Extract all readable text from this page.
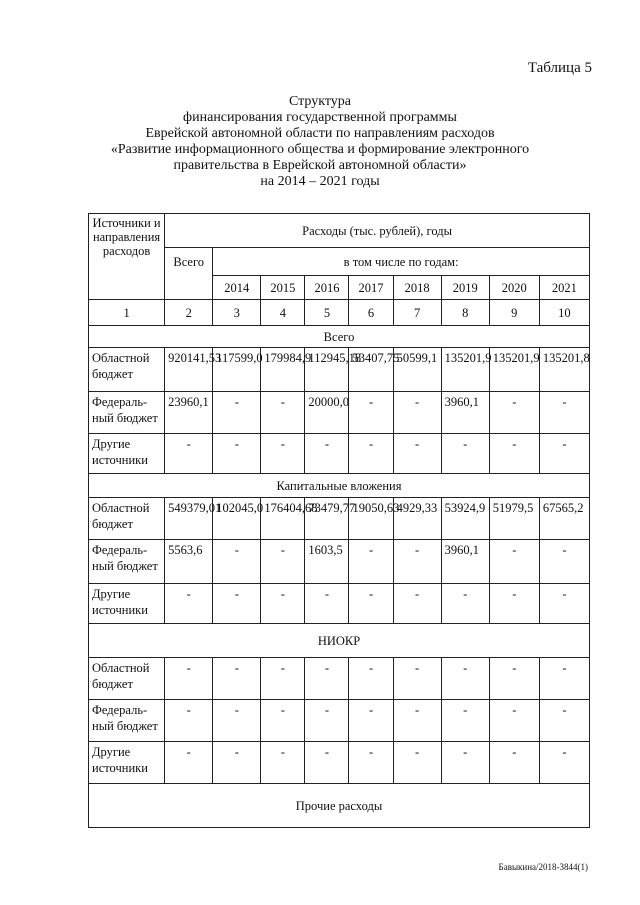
Таблица 5
Структура
финансирования государственной программы
Еврейской автономной области по направлениям расходов
«Развитие информационного общества и формирование электронного
правительства в Еврейской автономной области»
на 2014 – 2021 годы
Источники и направления расходов	Расходы (тыс. рублей), годы								
	Всего	в том числе по годам:							
		2014	2015	2016	2017	2018	2019	2020	2021
1	2	3	4	5	6	7	8	9	10
Всего									
Областной бюджет	920141,53	117599,0	179984,9	112945,18	53407,75	50599,1	135201,9	135201,9	135201,8
Федераль-ный бюджет	23960,1	-	-	20000,0	-	-	3960,1	-	-
Другие источники	-	-	-	-	-	-	-	-	-
Капитальные вложения									
Областной бюджет	549379,01	102045,0	176404,68	73479,77	19050,63	4929,33	53924,9	51979,5	67565,2
Федераль-ный бюджет	5563,6	-	-	1603,5	-	-	3960,1	-	-
Другие источники	-	-	-	-	-	-	-	-	-
НИОКР									
Областной бюджет	-	-	-	-	-	-	-	-	-
Федераль-ный бюджет	-	-	-	-	-	-	-	-	-
Другие источники	-	-	-	-	-	-	-	-	-
Прочие расходы									
Бавыкина/2018-3844(1)
